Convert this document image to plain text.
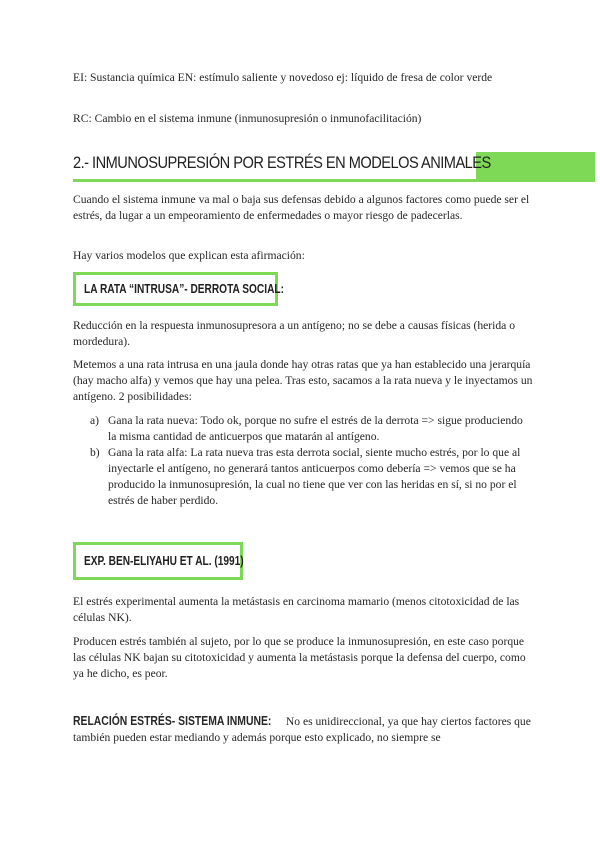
EI: Sustancia química EN: estímulo saliente y novedoso ej: líquido de fresa de color verde

RC: Cambio en el sistema inmune (inmunosupresión o inmunofacilitación)

2.- INMUNOSUPRESIÓN POR ESTRÉS EN MODELOS ANIMALES

Cuando el sistema inmune va mal o baja sus defensas debido a algunos factores como puede ser el estrés, da lugar a un empeoramiento de enfermedades o mayor riesgo de padecerlas.

Hay varios modelos que explican esta afirmación:

LA RATA “INTRUSA”- DERROTA SOCIAL:

Reducción en la respuesta inmunosupresora a un antígeno; no se debe a causas físicas (herida o mordedura).

Metemos a una rata intrusa en una jaula donde hay otras ratas que ya han establecido una jerarquía (hay macho alfa) y vemos que hay una pelea. Tras esto, sacamos a la rata nueva y le inyectamos un antígeno. 2 posibilidades:

a) Gana la rata nueva: Todo ok, porque no sufre el estrés de la derrota => sigue produciendo la misma cantidad de anticuerpos que matarán al antígeno.
b) Gana la rata alfa: La rata nueva tras esta derrota social, siente mucho estrés, por lo que al inyectarle el antígeno, no generará tantos anticuerpos como debería => vemos que se ha producido la inmunosupresión, la cual no tiene que ver con las heridas en sí, si no por el estrés de haber perdido.
EXP. BEN-ELIYAHU ET AL. (1991)

El estrés experimental aumenta la metástasis en carcinoma mamario (menos citotoxicidad de las células NK).

Producen estrés también al sujeto, por lo que se produce la inmunosupresión, en este caso porque las células NK bajan su citotoxicidad y aumenta la metástasis porque la defensa del cuerpo, como ya he dicho, es peor.

RELACIÓN ESTRÉS- SISTEMA INMUNE: No es unidireccional, ya que hay ciertos factores que también pueden estar mediando y además porque esto explicado, no siempre se
